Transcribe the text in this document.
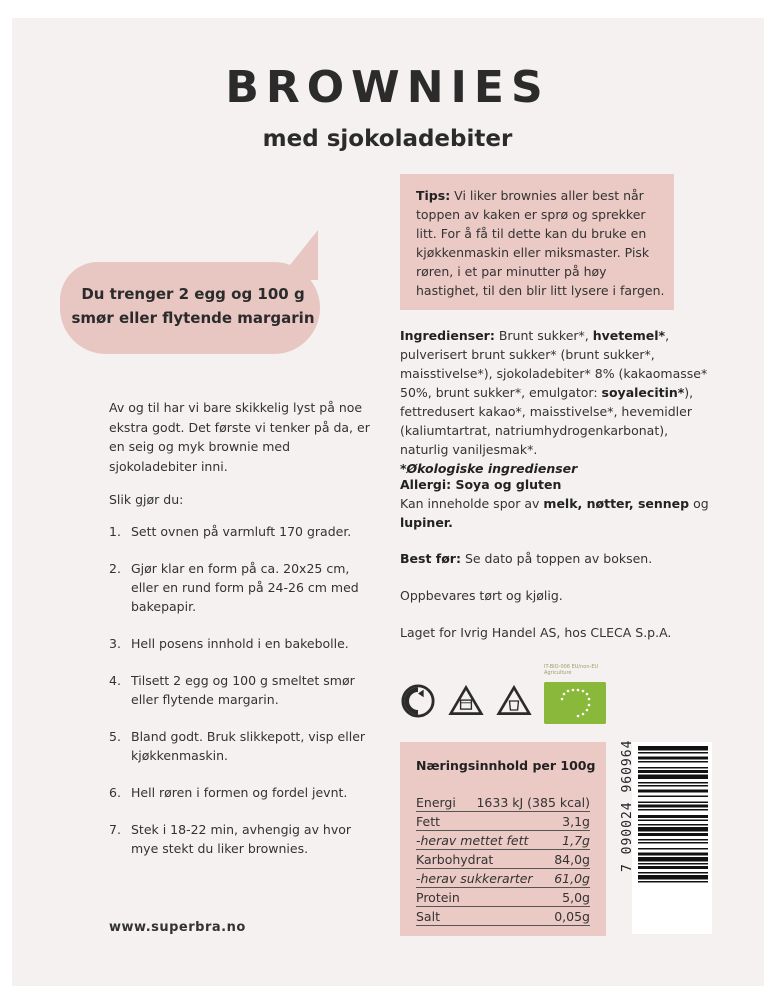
BROWNIES
med sjokoladebiter
Du trenger 2 egg og 100 g
smør eller flytende margarin
Tips: Vi liker brownies aller best når toppen av kaken er sprø og sprekker litt. For å få til dette kan du bruke en kjøkkenmaskin eller miksmaster. Pisk røren, i et par minutter på høy hastighet, til den blir litt lysere i fargen.
Av og til har vi bare skikkelig lyst på noe ekstra godt. Det første vi tenker på da, er en seig og myk brownie med sjokoladebiter inni.
Slik gjør du:
1. Sett ovnen på varmluft 170 grader.
2. Gjør klar en form på ca. 20x25 cm, eller en rund form på 24-26 cm med bakepapir.
3. Hell posens innhold i en bakebolle.
4. Tilsett 2 egg og 100 g smeltet smør eller flytende margarin.
5. Bland godt. Bruk slikkepott, visp eller kjøkkenmaskin.
6. Hell røren i formen og fordel jevnt.
7. Stek i 18-22 min, avhengig av hvor mye stekt du liker brownies.
www.superbra.no
Ingredienser: Brunt sukker*, hvetemel*, pulverisert brunt sukker* (brunt sukker*, maisstivelse*), sjokoladebiter* 8% (kakaomasse* 50%, brunt sukker*, emulgator: soyalecitin*), fettredusert kakao*, maisstivelse*, hevemidler (kaliumtartrat, natriumhydrogenkarbonat), naturlig vaniljesmak*.
*Økologiske ingredienser
Allergi: Soya og gluten
Kan inneholde spor av melk, nøtter, sennep og lupiner.
Best før: Se dato på toppen av boksen.
Oppbevares tørt og kjølig.
Laget for Ivrig Handel AS, hos CLECA S.p.A.
IT-BIO-006 EU/non-EU Agriculture
Næringsinnhold per 100g
Energi 1633 kJ (385 kcal)
Fett	3,1g
-herav mettet fett	1,7g
Karbohydrat	84,0g
-herav sukkerarter 61,0g
Protein	5,0g
Salt	0,05g
7 090024 960964
